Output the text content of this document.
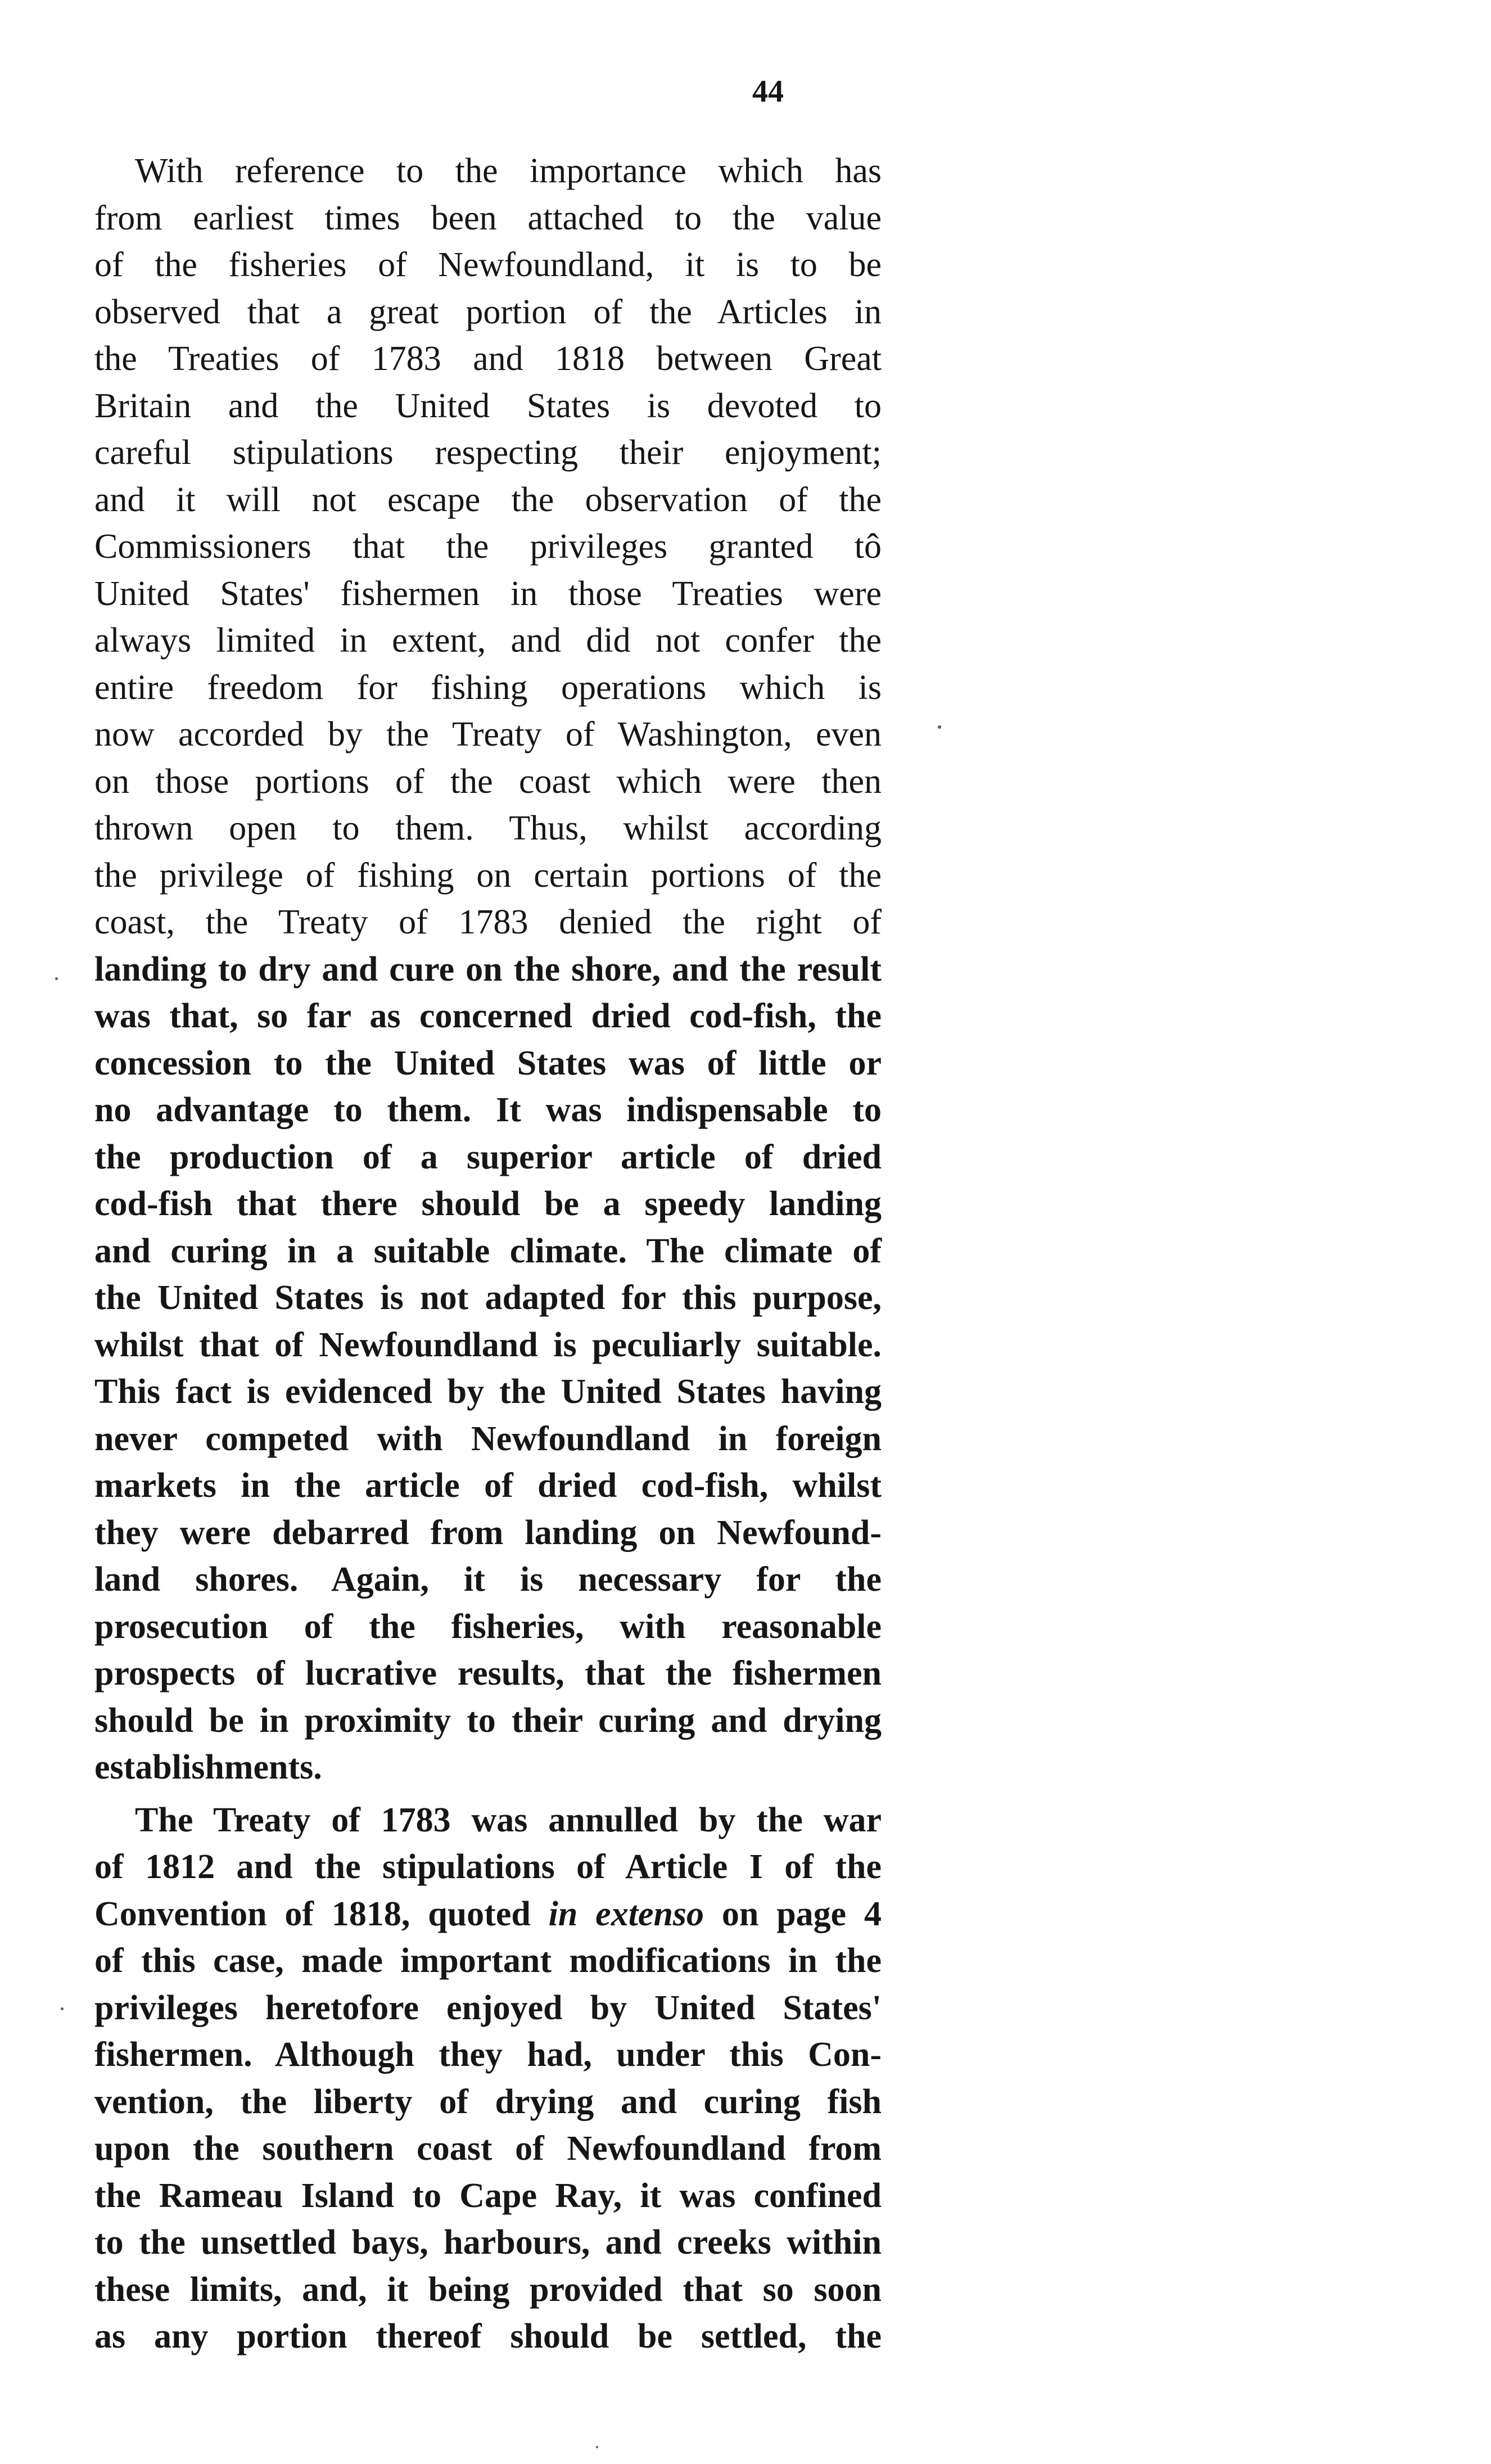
44

With reference to the importance which has
from earliest times been attached to the value
of the fisheries of Newfoundland, it is to be
observed that a great portion of the Articles in
the Treaties of 1783 and 1818 between Great
Britain and the United States is devoted to
careful stipulations respecting their enjoyment;
and it will not escape the observation of the
Commissioners that the privileges granted tô
United States' fishermen in those Treaties were
always limited in extent, and did not confer the
entire freedom for fishing operations which is
now accorded by the Treaty of Washington, even
on those portions of the coast which were then
thrown open to them. Thus, whilst according
the privilege of fishing on certain portions of the
coast, the Treaty of 1783 denied the right of
landing to dry and cure on the shore, and the result
was that, so far as concerned dried cod-fish, the
concession to the United States was of little or
no advantage to them. It was indispensable to
the production of a superior article of dried
cod-fish that there should be a speedy landing
and curing in a suitable climate. The climate of
the United States is not adapted for this purpose,
whilst that of Newfoundland is peculiarly suitable.
This fact is evidenced by the United States having
never competed with Newfoundland in foreign
markets in the article of dried cod-fish, whilst
they were debarred from landing on Newfound-
land shores. Again, it is necessary for the
prosecution of the fisheries, with reasonable
prospects of lucrative results, that the fishermen
should be in proximity to their curing and drying
establishments.
The Treaty of 1783 was annulled by the war
of 1812 and the stipulations of Article I of the
Convention of 1818, quoted in extenso on page 4
of this case, made important modifications in the
privileges heretofore enjoyed by United States'
fishermen. Although they had, under this Con-
vention, the liberty of drying and curing fish
upon the southern coast of Newfoundland from
the Rameau Island to Cape Ray, it was confined
to the unsettled bays, harbours, and creeks within
these limits, and, it being provided that so soon
as any portion thereof should be settled, the
